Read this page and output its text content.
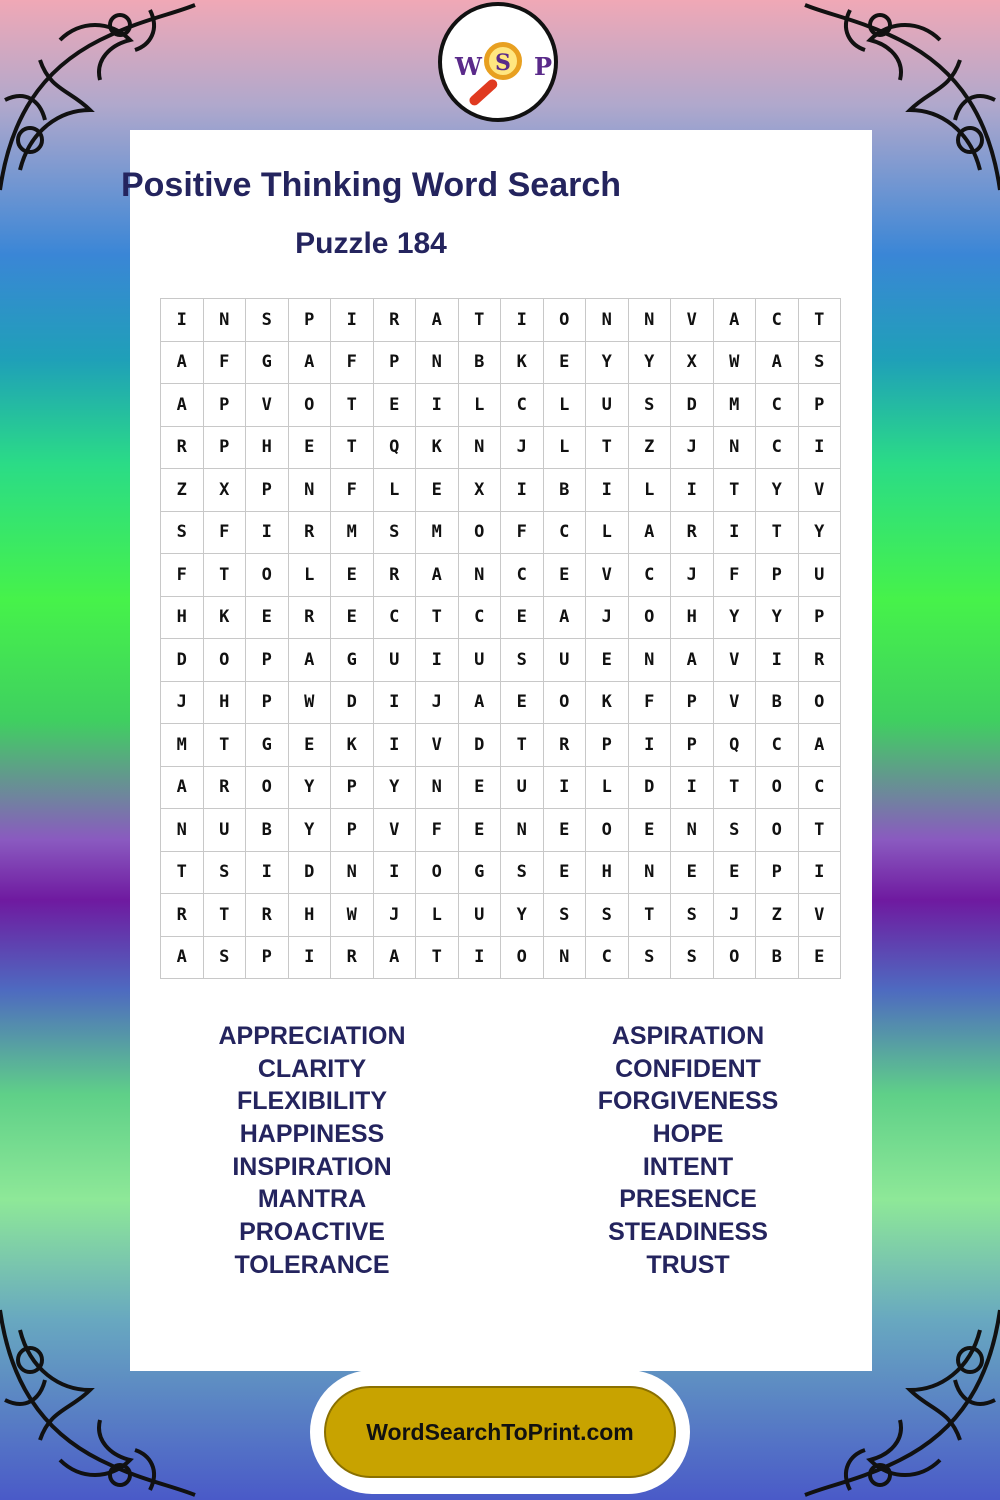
W S P
Positive Thinking Word Search
Puzzle 184
I	N	S	P	I	R	A	T	I	O	N	N	V	A	C	T
A	F	G	A	F	P	N	B	K	E	Y	Y	X	W	A	S
A	P	V	O	T	E	I	L	C	L	U	S	D	M	C	P
R	P	H	E	T	Q	K	N	J	L	T	Z	J	N	C	I
Z	X	P	N	F	L	E	X	I	B	I	L	I	T	Y	V
S	F	I	R	M	S	M	O	F	C	L	A	R	I	T	Y
F	T	O	L	E	R	A	N	C	E	V	C	J	F	P	U
H	K	E	R	E	C	T	C	E	A	J	O	H	Y	Y	P
D	O	P	A	G	U	I	U	S	U	E	N	A	V	I	R
J	H	P	W	D	I	J	A	E	O	K	F	P	V	B	O
M	T	G	E	K	I	V	D	T	R	P	I	P	Q	C	A
A	R	O	Y	P	Y	N	E	U	I	L	D	I	T	O	C
N	U	B	Y	P	V	F	E	N	E	O	E	N	S	O	T
T	S	I	D	N	I	O	G	S	E	H	N	E	E	P	I
R	T	R	H	W	J	L	U	Y	S	S	T	S	J	Z	V
A	S	P	I	R	A	T	I	O	N	C	S	S	O	B	E
APPRECIATION
CLARITY
FLEXIBILITY
HAPPINESS
INSPIRATION
MANTRA
PROACTIVE
TOLERANCE
ASPIRATION
CONFIDENT
FORGIVENESS
HOPE
INTENT
PRESENCE
STEADINESS
TRUST
WordSearchToPrint.com
